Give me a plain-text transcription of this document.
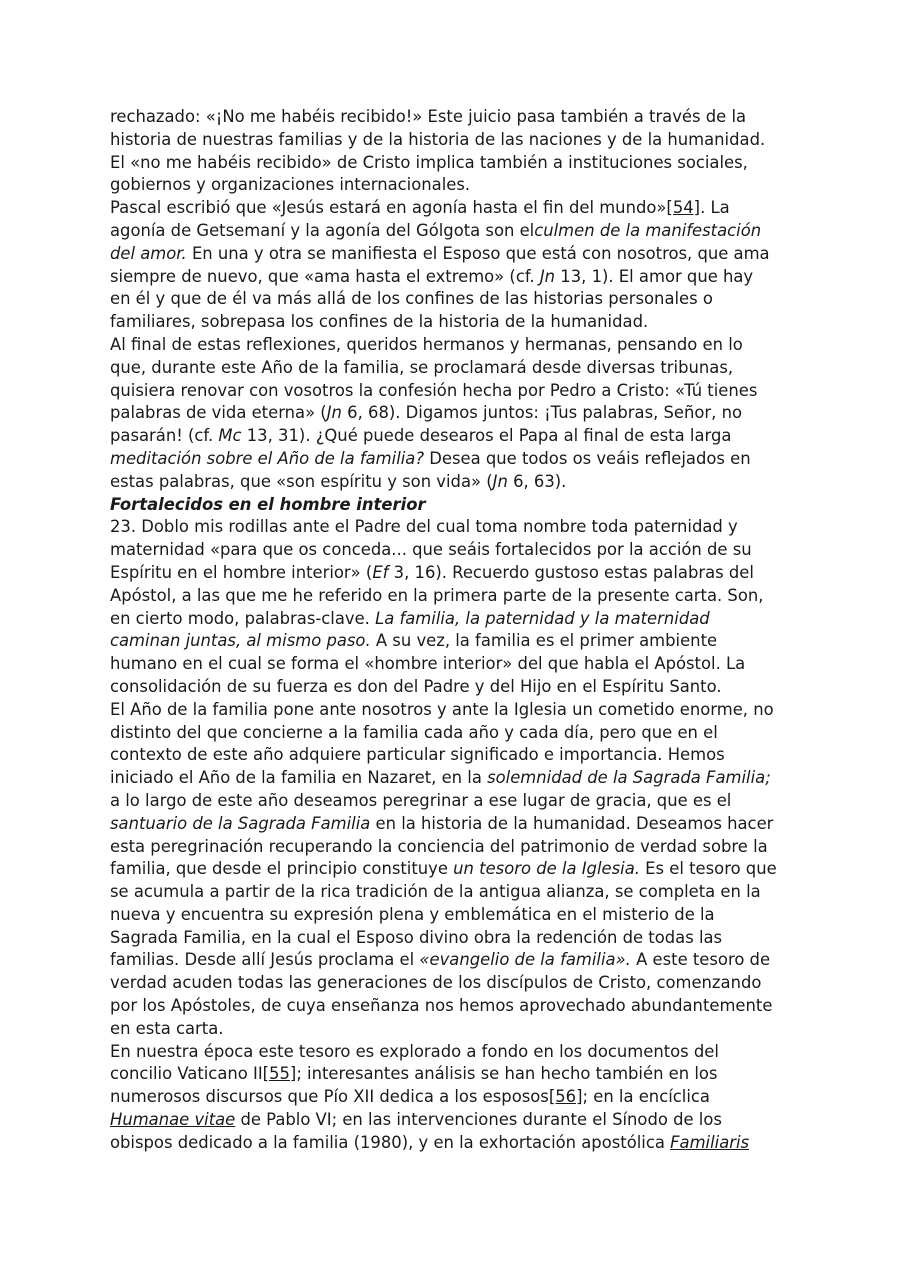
rechazado: «¡No me habéis recibido!» Este juicio pasa también a través de la
historia de nuestras familias y de la historia de las naciones y de la humanidad.
El «no me habéis recibido» de Cristo implica también a instituciones sociales,
gobiernos y organizaciones internacionales.
Pascal escribió que «Jesús estará en agonía hasta el fin del mundo»[54]. La
agonía de Getsemaní y la agonía del Gólgota son elculmen de la manifestación
del amor. En una y otra se manifiesta el Esposo que está con nosotros, que ama
siempre de nuevo, que «ama hasta el extremo» (cf. Jn 13, 1). El amor que hay
en él y que de él va más allá de los confines de las historias personales o
familiares, sobrepasa los confines de la historia de la humanidad.
Al final de estas reflexiones, queridos hermanos y hermanas, pensando en lo
que, durante este Año de la familia, se proclamará desde diversas tribunas,
quisiera renovar con vosotros la confesión hecha por Pedro a Cristo: «Tú tienes
palabras de vida eterna» (Jn 6, 68). Digamos juntos: ¡Tus palabras, Señor, no
pasarán! (cf. Mc 13, 31). ¿Qué puede desearos el Papa al final de esta larga
meditación sobre el Año de la familia? Desea que todos os veáis reflejados en
estas palabras, que «son espíritu y son vida» (Jn 6, 63).
Fortalecidos en el hombre interior
23. Doblo mis rodillas ante el Padre del cual toma nombre toda paternidad y
maternidad «para que os conceda... que seáis fortalecidos por la acción de su
Espíritu en el hombre interior» (Ef 3, 16). Recuerdo gustoso estas palabras del
Apóstol, a las que me he referido en la primera parte de la presente carta. Son,
en cierto modo, palabras-clave. La familia, la paternidad y la maternidad
caminan juntas, al mismo paso. A su vez, la familia es el primer ambiente
humano en el cual se forma el «hombre interior» del que habla el Apóstol. La
consolidación de su fuerza es don del Padre y del Hijo en el Espíritu Santo.
El Año de la familia pone ante nosotros y ante la Iglesia un cometido enorme, no
distinto del que concierne a la familia cada año y cada día, pero que en el
contexto de este año adquiere particular significado e importancia. Hemos
iniciado el Año de la familia en Nazaret, en la solemnidad de la Sagrada Familia;
a lo largo de este año deseamos peregrinar a ese lugar de gracia, que es el
santuario de la Sagrada Familia en la historia de la humanidad. Deseamos hacer
esta peregrinación recuperando la conciencia del patrimonio de verdad sobre la
familia, que desde el principio constituye un tesoro de la Iglesia. Es el tesoro que
se acumula a partir de la rica tradición de la antigua alianza, se completa en la
nueva y encuentra su expresión plena y emblemática en el misterio de la
Sagrada Familia, en la cual el Esposo divino obra la redención de todas las
familias. Desde allí Jesús proclama el «evangelio de la familia». A este tesoro de
verdad acuden todas las generaciones de los discípulos de Cristo, comenzando
por los Apóstoles, de cuya enseñanza nos hemos aprovechado abundantemente
en esta carta.
En nuestra época este tesoro es explorado a fondo en los documentos del
concilio Vaticano II[55]; interesantes análisis se han hecho también en los
numerosos discursos que Pío XII dedica a los esposos[56]; en la encíclica
Humanae vitae de Pablo VI; en las intervenciones durante el Sínodo de los
obispos dedicado a la familia (1980), y en la exhortación apostólica Familiaris
